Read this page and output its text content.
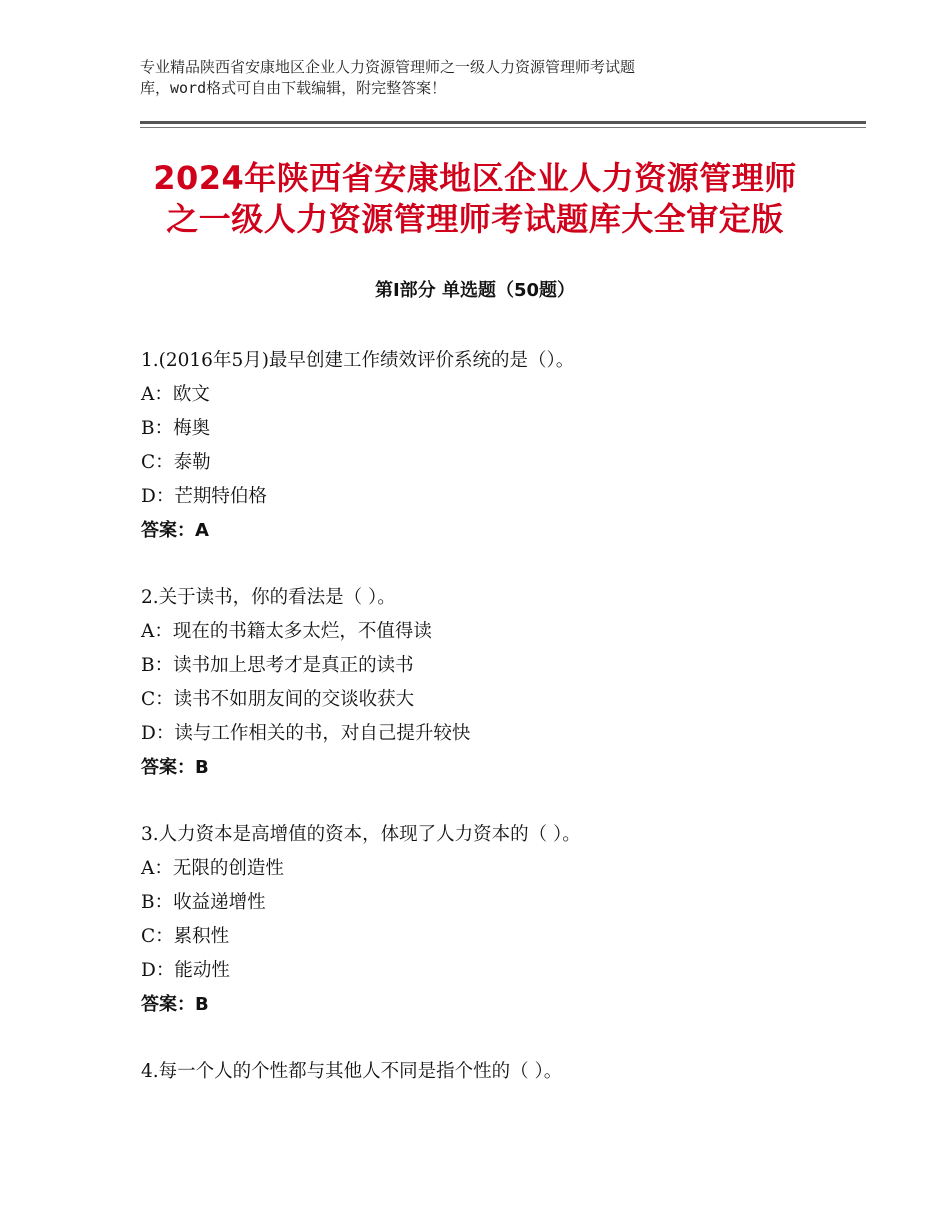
专业精品陕西省安康地区企业人力资源管理师之一级人力资源管理师考试题
库，word格式可自由下载编辑，附完整答案！
2024年陕西省安康地区企业人力资源管理师
之一级人力资源管理师考试题库大全审定版
第Ⅰ部分 单选题（50题）
1.(2016年5月)最早创建工作绩效评价系统的是（）。
A：欧文
B：梅奥
C：泰勒
D：芒期特伯格
答案：A
2.关于读书，你的看法是（ ）。
A：现在的书籍太多太烂，不值得读
B：读书加上思考才是真正的读书
C：读书不如朋友间的交谈收获大
D：读与工作相关的书，对自己提升较快
答案：B
3.人力资本是高增值的资本，体现了人力资本的（ ）。
A：无限的创造性
B：收益递增性
C：累积性
D：能动性
答案：B
4.每一个人的个性都与其他人不同是指个性的（ ）。
